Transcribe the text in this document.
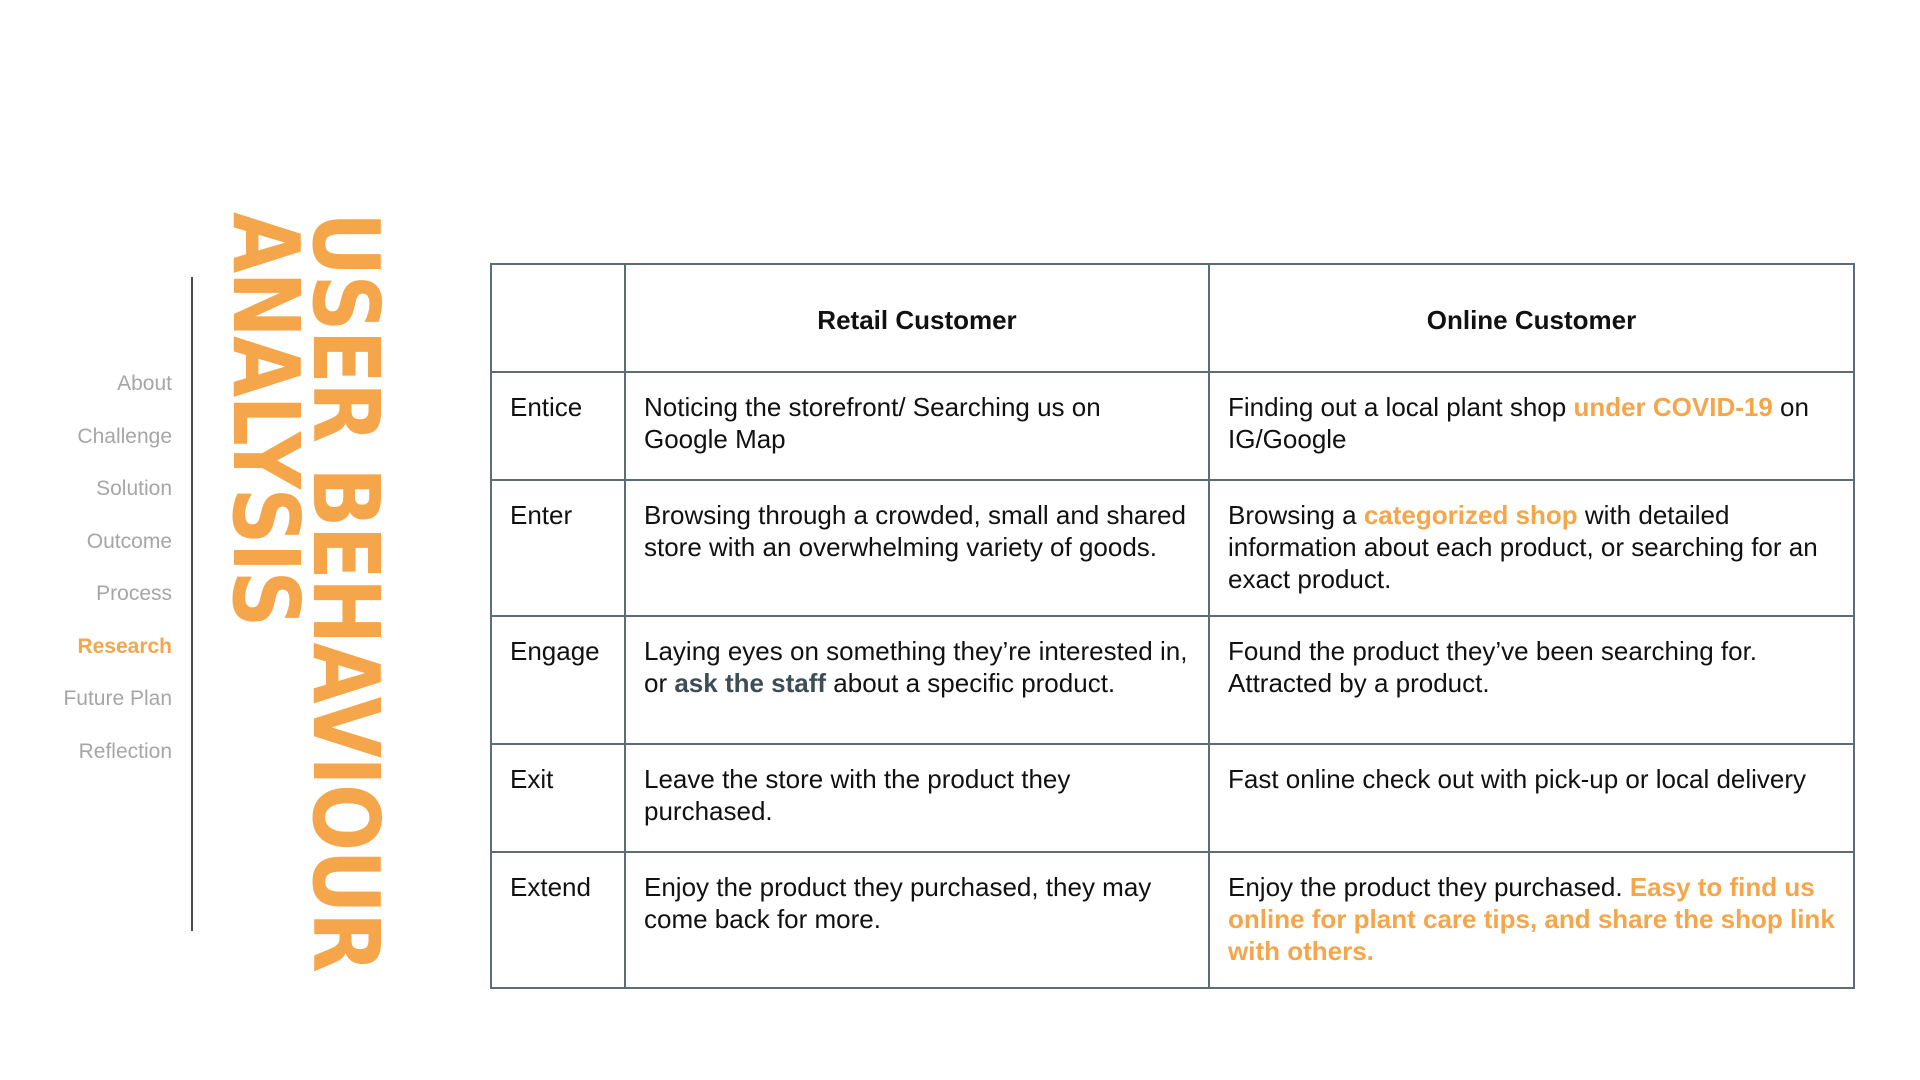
About
Challenge
Solution
Outcome
Process
Research
Future Plan
Reflection USER BEHAVIOUR
ANALYSIS
		Retail Customer	Online Customer
Entice	Noticing the storefront/ Searching us on Google Map	Finding out a local plant shop under COVID-19 on IG/Google
Enter	Browsing through a crowded, small and shared store with an overwhelming variety of goods.	Browsing a categorized shop with detailed information about each product, or searching for an exact product.
Engage	Laying eyes on something they’re interested in, or ask the staff about a specific product.	Found the product they’ve been searching for. Attracted by a product.
Exit	Leave the store with the product they purchased.	Fast online check out with pick-up or local delivery
Extend	Enjoy the product they purchased, they may come back for more.	Enjoy the product they purchased. Easy to find us online for plant care tips, and share the shop link with others.
